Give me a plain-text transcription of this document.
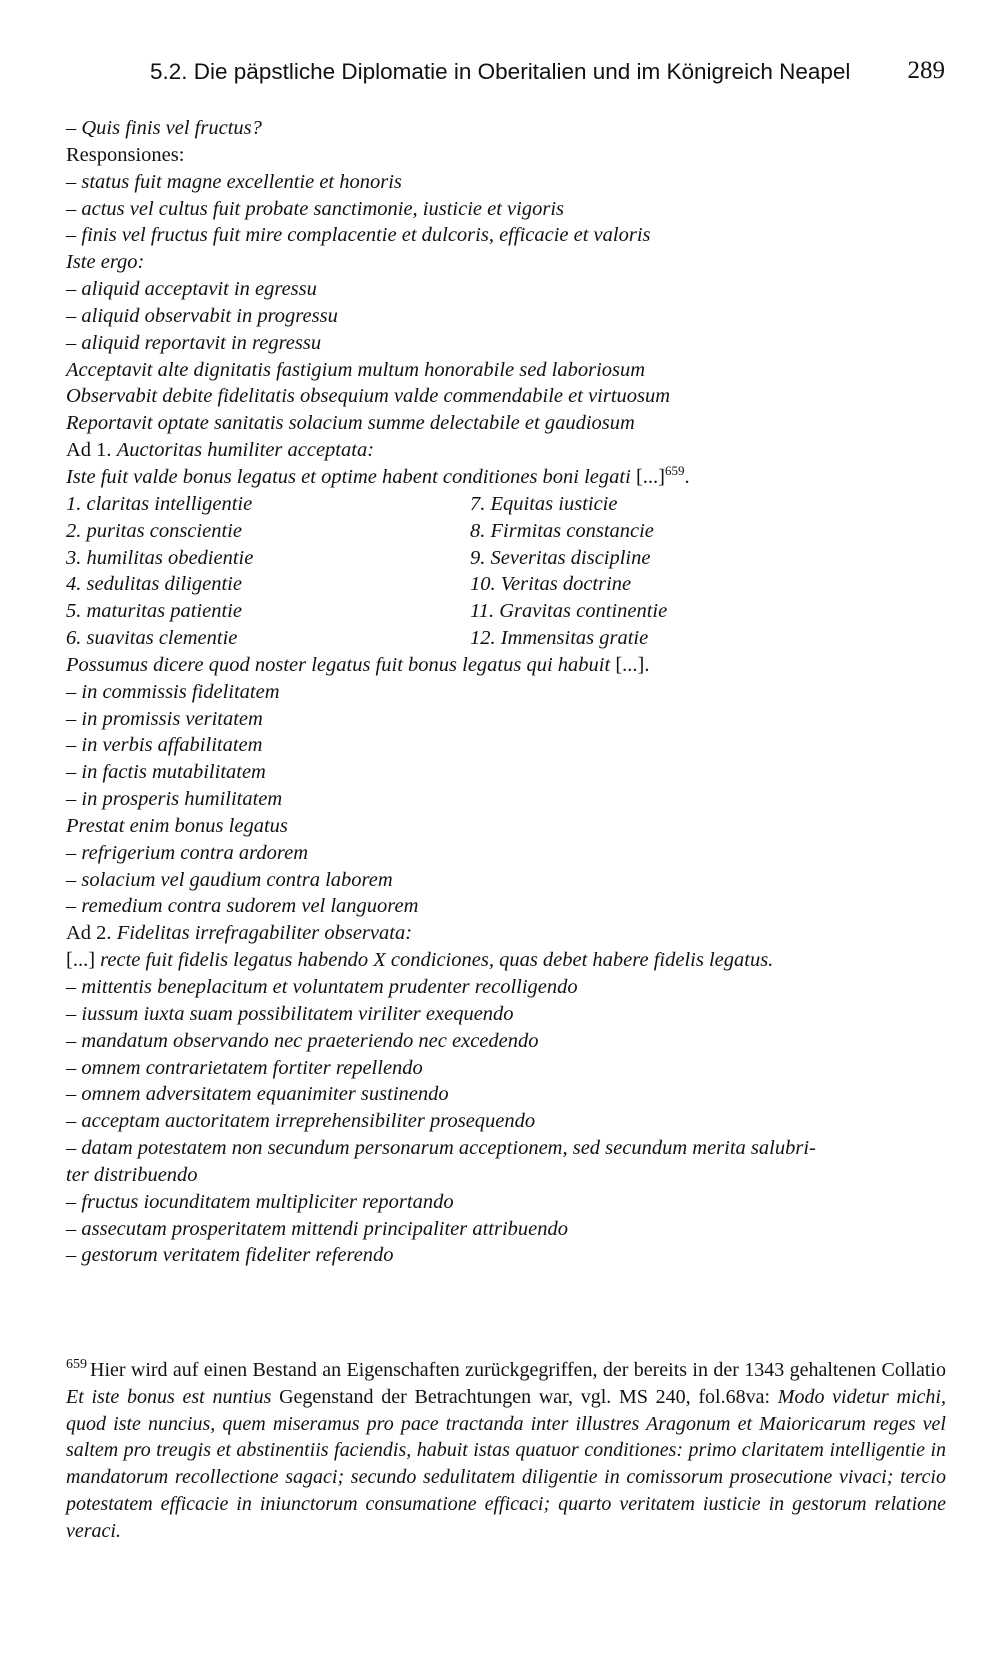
5.2. Die päpstliche Diplomatie in Oberitalien und im Königreich Neapel 289
– Quis finis vel fructus?
Responsiones:
– status fuit magne excellentie et honoris
– actus vel cultus fuit probate sanctimonie, iusticie et vigoris
– finis vel fructus fuit mire complacentie et dulcoris, efficacie et valoris
Iste ergo:
– aliquid acceptavit in egressu
– aliquid observabit in progressu
– aliquid reportavit in regressu
Acceptavit alte dignitatis fastigium multum honorabile sed laboriosum
Observabit debite fidelitatis obsequium valde commendabile et virtuosum
Reportavit optate sanitatis solacium summe delectabile et gaudiosum
Ad 1. Auctoritas humiliter acceptata:
Iste fuit valde bonus legatus et optime habent conditiones boni legati [...]$^{659}$.
1. claritas intelligentie	7. Equitas iusticie
2. puritas conscientie	8. Firmitas constancie
3. humilitas obedientie	9. Severitas discipline
4. sedulitas diligentie	10. Veritas doctrine
5. maturitas patientie	11. Gravitas continentie
6. suavitas clementie	12. Immensitas gratie
Possumus dicere quod noster legatus fuit bonus legatus qui habuit [...].
– in commissis fidelitatem
– in promissis veritatem
– in verbis affabilitatem
– in factis mutabilitatem
– in prosperis humilitatem
Prestat enim bonus legatus
– refrigerium contra ardorem
– solacium vel gaudium contra laborem
– remedium contra sudorem vel languorem
Ad 2. Fidelitas irrefragabiliter observata:
[...] recte fuit fidelis legatus habendo X condiciones, quas debet habere fidelis legatus.
– mittentis beneplacitum et voluntatem prudenter recolligendo
– iussum iuxta suam possibilitatem viriliter exequendo
– mandatum observando nec praeteriendo nec excedendo
– omnem contrarietatem fortiter repellendo
– omnem adversitatem equanimiter sustinendo
– acceptam auctoritatem irreprehensibiliter prosequendo
– datam potestatem non secundum personarum acceptionem, sed secundum merita salubri-
ter distribuendo
– fructus iocunditatem multipliciter reportando
– assecutam prosperitatem mittendi principaliter attribuendo
– gestorum veritatem fideliter referendo
$^{659}$ Hier wird auf einen Bestand an Eigenschaften zurückgegriffen, der bereits in der 1343 gehaltenen Collatio Et iste bonus est nuntius Gegenstand der Betrachtungen war, vgl. MS 240, fol.68va: Modo videtur michi, quod iste nuncius, quem miseramus pro pace tractanda inter illustres Aragonum et Maioricarum reges vel saltem pro treugis et abstinentiis faciendis, habuit istas quatuor conditiones: primo claritatem intelligentie in mandatorum recollectione sagaci; secundo sedulitatem diligentie in comissorum prosecutione vivaci; tercio potestatem efficacie in iniunctorum consumatione efficaci; quarto veritatem iusticie in gestorum relatione veraci.
